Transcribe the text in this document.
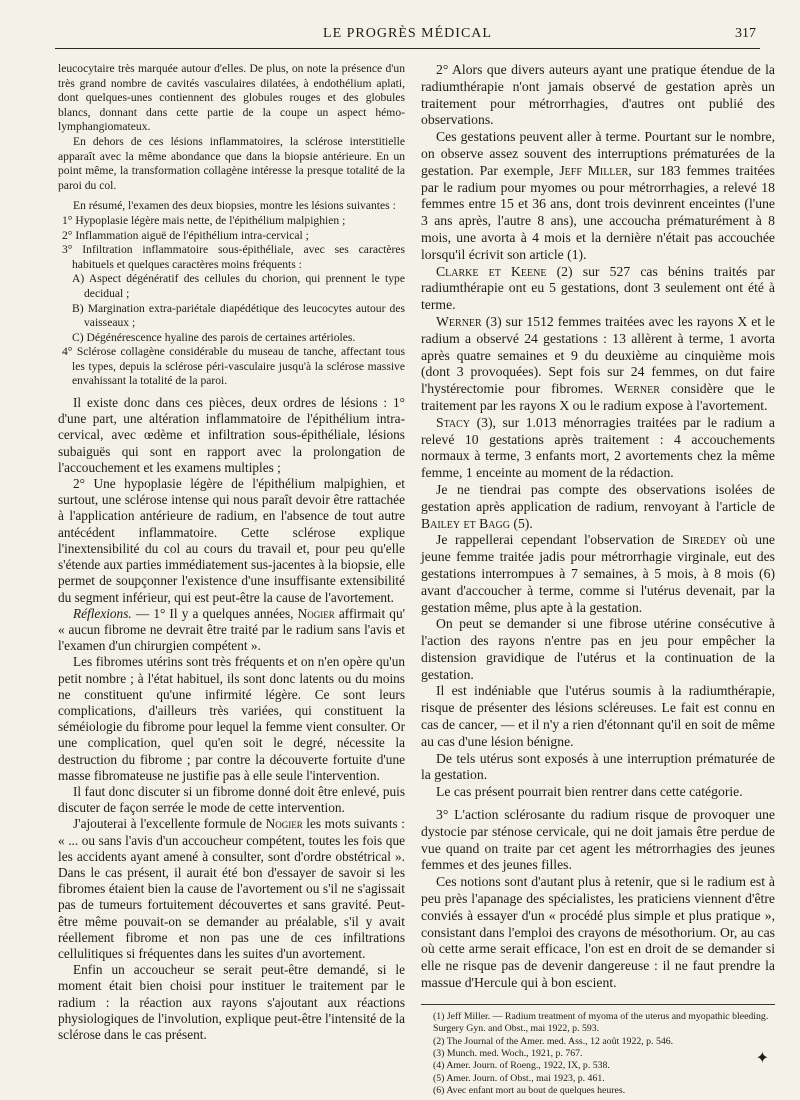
LE PROGRÈS MÉDICAL	317

leucocytaire très marquée autour d'elles. De plus, on note la présence d'un très grand nombre de cavités vasculaires dilatées, à endothélium aplati, dont quelques-unes contiennent des globules rouges et des globules blancs, donnant dans cette partie de la coupe un aspect hémo-lymphangiomateux.

En dehors de ces lésions inflammatoires, la sclérose interstitielle apparaît avec la même abondance que dans la biopsie antérieure. En un point même, la transformation collagène intéresse la presque totalité de la paroi du col.

En résumé, l'examen des deux biopsies, montre les lésions suivantes :

1° Hypoplasie légère mais nette, de l'épithélium malpighien ;

2° Inflammation aiguë de l'épithélium intra-cervical ;

3° Infiltration inflammatoire sous-épithéliale, avec ses caractères habituels et quelques caractères moins fréquents :

A) Aspect dégénératif des cellules du chorion, qui prennent le type decidual ;

B) Margination extra-pariétale diapédétique des leucocytes autour des vaisseaux ;

C) Dégénérescence hyaline des parois de certaines artérioles.

4° Sclérose collagène considérable du museau de tanche, affectant tous les types, depuis la sclérose péri-vasculaire jusqu'à la sclérose massive envahissant la totalité de la paroi.

Il existe donc dans ces pièces, deux ordres de lésions : 1° d'une part, une altération inflammatoire de l'épithélium intra-cervical, avec œdème et infiltration sous-épithéliale, lésions subaiguës qui sont en rapport avec la prolongation de l'accouchement et les examens multiples ;

2° Une hypoplasie légère de l'épithélium malpighien, et surtout, une sclérose intense qui nous paraît devoir être rattachée à l'application antérieure de radium, en l'absence de tout autre antécédent inflammatoire. Cette sclérose explique l'inextensibilité du col au cours du travail et, pour peu qu'elle s'étende aux parties immédiatement sus-jacentes à la biopsie, elle permet de soupçonner l'existence d'une insuffisante extensibilité du segment inférieur, qui est peut-être la cause de l'avortement.

Réflexions. — 1° Il y a quelques années, Nogier affirmait qu' « aucun fibrome ne devrait être traité par le radium sans l'avis et l'examen d'un chirurgien compétent ».

Les fibromes utérins sont très fréquents et on n'en opère qu'un petit nombre ; à l'état habituel, ils sont donc latents ou du moins ne constituent qu'une infirmité légère. Ce sont leurs complications, d'ailleurs très variées, qui constituent la séméiologie du fibrome pour lequel la femme vient consulter. Or une complication, quel qu'en soit le degré, nécessite la destruction du fibrome ; par contre la découverte fortuite d'une masse fibromateuse ne justifie pas à elle seule l'intervention.

Il faut donc discuter si un fibrome donné doit être enlevé, puis discuter de façon serrée le mode de cette intervention.

J'ajouterai à l'excellente formule de Nogier les mots suivants : « ... ou sans l'avis d'un accoucheur compétent, toutes les fois que les accidents ayant amené à consulter, sont d'ordre obstétrical ». Dans le cas présent, il aurait été bon d'essayer de savoir si les fibromes étaient bien la cause de l'avortement ou s'il ne s'agissait pas de tumeurs fortuitement découvertes et sans gravité. Peut-être même pouvait-on se demander au préalable, s'il y avait réellement fibrome et non pas une de ces infiltrations cellulitiques si fréquentes dans les suites d'un avortement.

Enfin un accoucheur se serait peut-être demandé, si le moment était bien choisi pour instituer le traitement par le radium : la réaction aux rayons s'ajoutant aux réactions physiologiques de l'involution, explique peut-être l'intensité de la sclérose dans le cas présent.

2° Alors que divers auteurs ayant une pratique étendue de la radiumthérapie n'ont jamais observé de gestation après un traitement pour métrorrhagies, d'autres ont publié des observations.

Ces gestations peuvent aller à terme. Pourtant sur le nombre, on observe assez souvent des interruptions prématurées de la gestation. Par exemple, Jeff Miller, sur 183 femmes traitées par le radium pour myomes ou pour métrorrhagies, a relevé 18 femmes entre 15 et 36 ans, dont trois devinrent enceintes (l'une 3 ans après, l'autre 8 ans), une accoucha prématurément à 8 mois, une avorta à 4 mois et la dernière n'était pas accouchée lorsqu'il écrivit son article (1).

Clarke et Keene (2) sur 527 cas bénins traités par radiumthérapie ont eu 5 gestations, dont 3 seulement ont été à terme.

Werner (3) sur 1512 femmes traitées avec les rayons X et le radium a observé 24 gestations : 13 allèrent à terme, 1 avorta après quatre semaines et 9 du deuxième au cinquième mois (dont 3 provoquées). Sept fois sur 24 femmes, on dut faire l'hystérectomie pour fibromes. Werner considère que le traitement par les rayons X ou le radium expose à l'avortement.

Stacy (3), sur 1.013 ménorragies traitées par le radium a relevé 10 gestations après traitement : 4 accouchements normaux à terme, 3 enfants mort, 2 avortements chez la même femme, 1 enceinte au moment de la rédaction.

Je ne tiendrai pas compte des observations isolées de gestation après application de radium, renvoyant à l'article de Bailey et Bagg (5).

Je rappellerai cependant l'observation de Siredey où une jeune femme traitée jadis pour métrorrhagie virginale, eut des gestations interrompues à 7 semaines, à 5 mois, à 8 mois (6) avant d'accoucher à terme, comme si l'utérus devenait, par la gestation même, plus apte à la gestation.

On peut se demander si une fibrose utérine consécutive à l'action des rayons n'entre pas en jeu pour empêcher la distension gravidique de l'utérus et la continuation de la gestation.

Il est indéniable que l'utérus soumis à la radiumthérapie, risque de présenter des lésions scléreuses. Le fait est connu en cas de cancer, — et il n'y a rien d'étonnant qu'il en soit de même au cas d'une lésion bénigne.

De tels utérus sont exposés à une interruption prématurée de la gestation.

Le cas présent pourrait bien rentrer dans cette catégorie.

3° L'action sclérosante du radium risque de provoquer une dystocie par sténose cervicale, qui ne doit jamais être perdue de vue quand on traite par cet agent les métrorrhagies des jeunes femmes et des jeunes filles.

Ces notions sont d'autant plus à retenir, que si le radium est à peu près l'apanage des spécialistes, les praticiens viennent d'être conviés à essayer d'un « procédé plus simple et plus pratique », consistant dans l'emploi des crayons de mésothorium. Or, au cas où cette arme serait efficace, l'on est en droit de se demander si elle ne risque pas de devenir dangereuse : il ne faut prendre la massue d'Hercule qui à bon escient.

(1) Jeff Miller. — Radium treatment of myoma of the uterus and myopathic bleeding. Surgery Gyn. and Obst., mai 1922, p. 593.

(2) The Journal of the Amer. med. Ass., 12 août 1922, p. 546.

(3) Munch. med. Woch., 1921, p. 767.

(4) Amer. Journ. of Roeng., 1922, IX, p. 538.

(5) Amer. Journ. of Obst., mai 1923, p. 461.

(6) Avec enfant mort au bout de quelques heures.

✦
